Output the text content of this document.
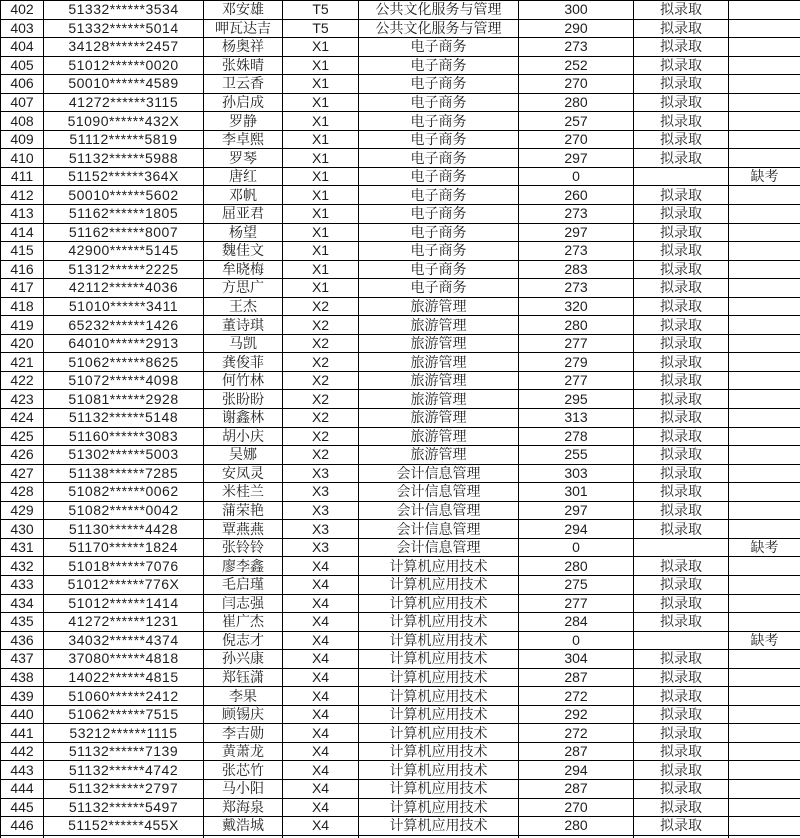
402	51332******3534	邓安雄	T5	公共文化服务与管理	300	拟录取	
403	51332******5014	呷瓦达吉	T5	公共文化服务与管理	290	拟录取	
404	34128******2457	杨奥祥	X1	电子商务	273	拟录取	
405	51012******0020	张姝晴	X1	电子商务	252	拟录取	
406	50010******4589	卫云香	X1	电子商务	270	拟录取	
407	41272******3115	孙启成	X1	电子商务	280	拟录取	
408	51090******432X	罗静	X1	电子商务	257	拟录取	
409	51112******5819	李卓熙	X1	电子商务	270	拟录取	
410	51132******5988	罗琴	X1	电子商务	297	拟录取	
411	51152******364X	唐红	X1	电子商务	0		缺考
412	50010******5602	邓帆	X1	电子商务	260	拟录取	
413	51162******1805	屈亚君	X1	电子商务	273	拟录取	
414	51162******8007	杨望	X1	电子商务	297	拟录取	
415	42900******5145	魏佳文	X1	电子商务	273	拟录取	
416	51312******2225	牟晓梅	X1	电子商务	283	拟录取	
417	42112******4036	方思广	X1	电子商务	273	拟录取	
418	51010******3411	王杰	X2	旅游管理	320	拟录取	
419	65232******1426	董诗琪	X2	旅游管理	280	拟录取	
420	64010******2913	马凯	X2	旅游管理	277	拟录取	
421	51062******8625	龚俊菲	X2	旅游管理	279	拟录取	
422	51072******4098	何竹林	X2	旅游管理	277	拟录取	
423	51081******2928	张盼盼	X2	旅游管理	295	拟录取	
424	51132******5148	谢鑫林	X2	旅游管理	313	拟录取	
425	51160******3083	胡小庆	X2	旅游管理	278	拟录取	
426	51302******5003	吴娜	X2	旅游管理	255	拟录取	
427	51138******7285	安凤灵	X3	会计信息管理	303	拟录取	
428	51082******0062	米桂兰	X3	会计信息管理	301	拟录取	
429	51082******0042	蒲荣艳	X3	会计信息管理	297	拟录取	
430	51130******4428	覃燕燕	X3	会计信息管理	294	拟录取	
431	51170******1824	张铃铃	X3	会计信息管理	0		缺考
432	51018******7076	廖李鑫	X4	计算机应用技术	280	拟录取	
433	51012******776X	毛启瑾	X4	计算机应用技术	275	拟录取	
434	51012******1414	闫志强	X4	计算机应用技术	277	拟录取	
435	41272******1231	崔广杰	X4	计算机应用技术	284	拟录取	
436	34032******4374	倪志才	X4	计算机应用技术	0		缺考
437	37080******4818	孙兴康	X4	计算机应用技术	304	拟录取	
438	14022******4815	郑钰潇	X4	计算机应用技术	287	拟录取	
439	51060******2412	李果	X4	计算机应用技术	272	拟录取	
440	51062******7515	顾锡庆	X4	计算机应用技术	292	拟录取	
441	53212******1115	李吉勋	X4	计算机应用技术	272	拟录取	
442	51132******7139	黄萧龙	X4	计算机应用技术	287	拟录取	
443	51132******4742	张芯竹	X4	计算机应用技术	294	拟录取	
444	51132******2797	马小阳	X4	计算机应用技术	287	拟录取	
445	51132******5497	郑海泉	X4	计算机应用技术	270	拟录取	
446	51152******455X	戴浩城	X4	计算机应用技术	280	拟录取	
